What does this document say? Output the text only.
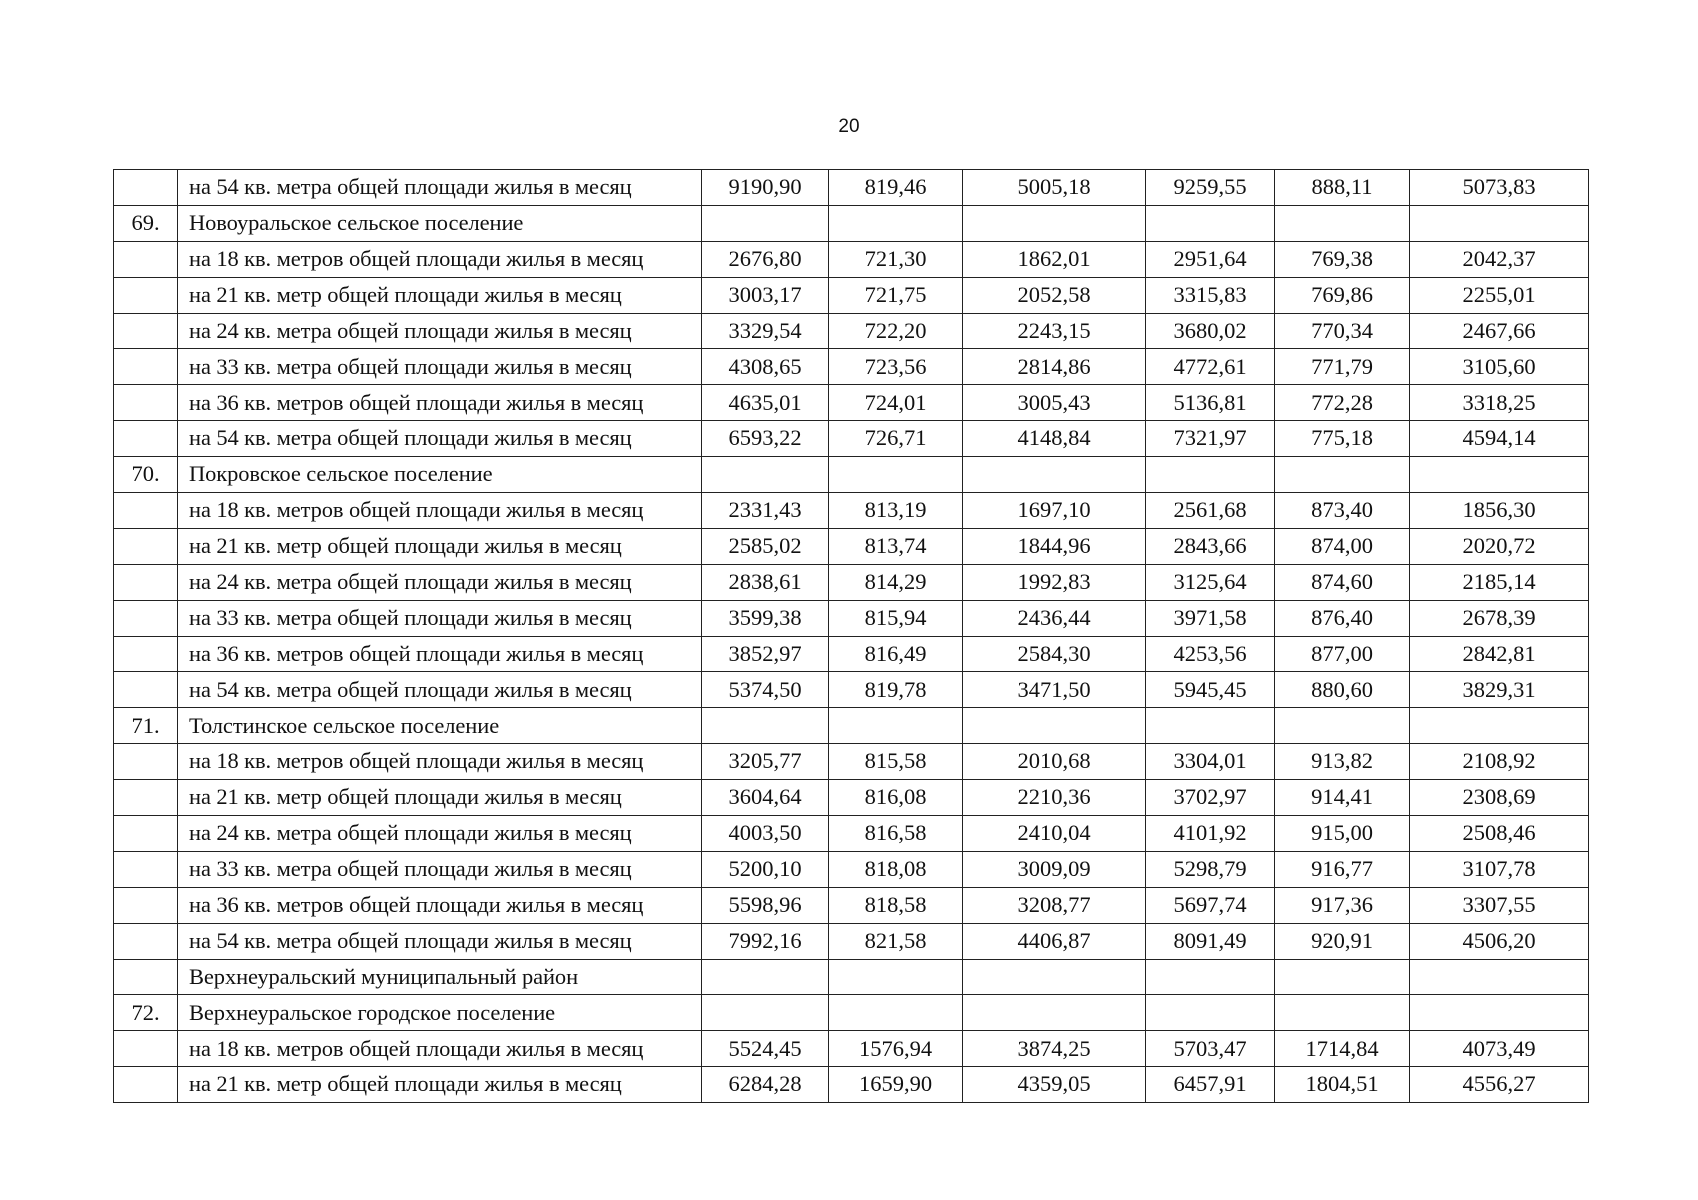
20
	на 54 кв. метра общей площади жилья в месяц	9190,90	819,46	5005,18	9259,55	888,11	5073,83
69.	Новоуральское сельское поселение						
	на 18 кв. метров общей площади жилья в месяц	2676,80	721,30	1862,01	2951,64	769,38	2042,37
	на 21 кв. метр общей площади жилья в месяц	3003,17	721,75	2052,58	3315,83	769,86	2255,01
	на 24 кв. метра общей площади жилья в месяц	3329,54	722,20	2243,15	3680,02	770,34	2467,66
	на 33 кв. метра общей площади жилья в месяц	4308,65	723,56	2814,86	4772,61	771,79	3105,60
	на 36 кв. метров общей площади жилья в месяц	4635,01	724,01	3005,43	5136,81	772,28	3318,25
	на 54 кв. метра общей площади жилья в месяц	6593,22	726,71	4148,84	7321,97	775,18	4594,14
70.	Покровское сельское поселение						
	на 18 кв. метров общей площади жилья в месяц	2331,43	813,19	1697,10	2561,68	873,40	1856,30
	на 21 кв. метр общей площади жилья в месяц	2585,02	813,74	1844,96	2843,66	874,00	2020,72
	на 24 кв. метра общей площади жилья в месяц	2838,61	814,29	1992,83	3125,64	874,60	2185,14
	на 33 кв. метра общей площади жилья в месяц	3599,38	815,94	2436,44	3971,58	876,40	2678,39
	на 36 кв. метров общей площади жилья в месяц	3852,97	816,49	2584,30	4253,56	877,00	2842,81
	на 54 кв. метра общей площади жилья в месяц	5374,50	819,78	3471,50	5945,45	880,60	3829,31
71.	Толстинское сельское поселение						
	на 18 кв. метров общей площади жилья в месяц	3205,77	815,58	2010,68	3304,01	913,82	2108,92
	на 21 кв. метр общей площади жилья в месяц	3604,64	816,08	2210,36	3702,97	914,41	2308,69
	на 24 кв. метра общей площади жилья в месяц	4003,50	816,58	2410,04	4101,92	915,00	2508,46
	на 33 кв. метра общей площади жилья в месяц	5200,10	818,08	3009,09	5298,79	916,77	3107,78
	на 36 кв. метров общей площади жилья в месяц	5598,96	818,58	3208,77	5697,74	917,36	3307,55
	на 54 кв. метра общей площади жилья в месяц	7992,16	821,58	4406,87	8091,49	920,91	4506,20
	Верхнеуральский муниципальный район						
72.	Верхнеуральское городское поселение						
	на 18 кв. метров общей площади жилья в месяц	5524,45	1576,94	3874,25	5703,47	1714,84	4073,49
	на 21 кв. метр общей площади жилья в месяц	6284,28	1659,90	4359,05	6457,91	1804,51	4556,27
